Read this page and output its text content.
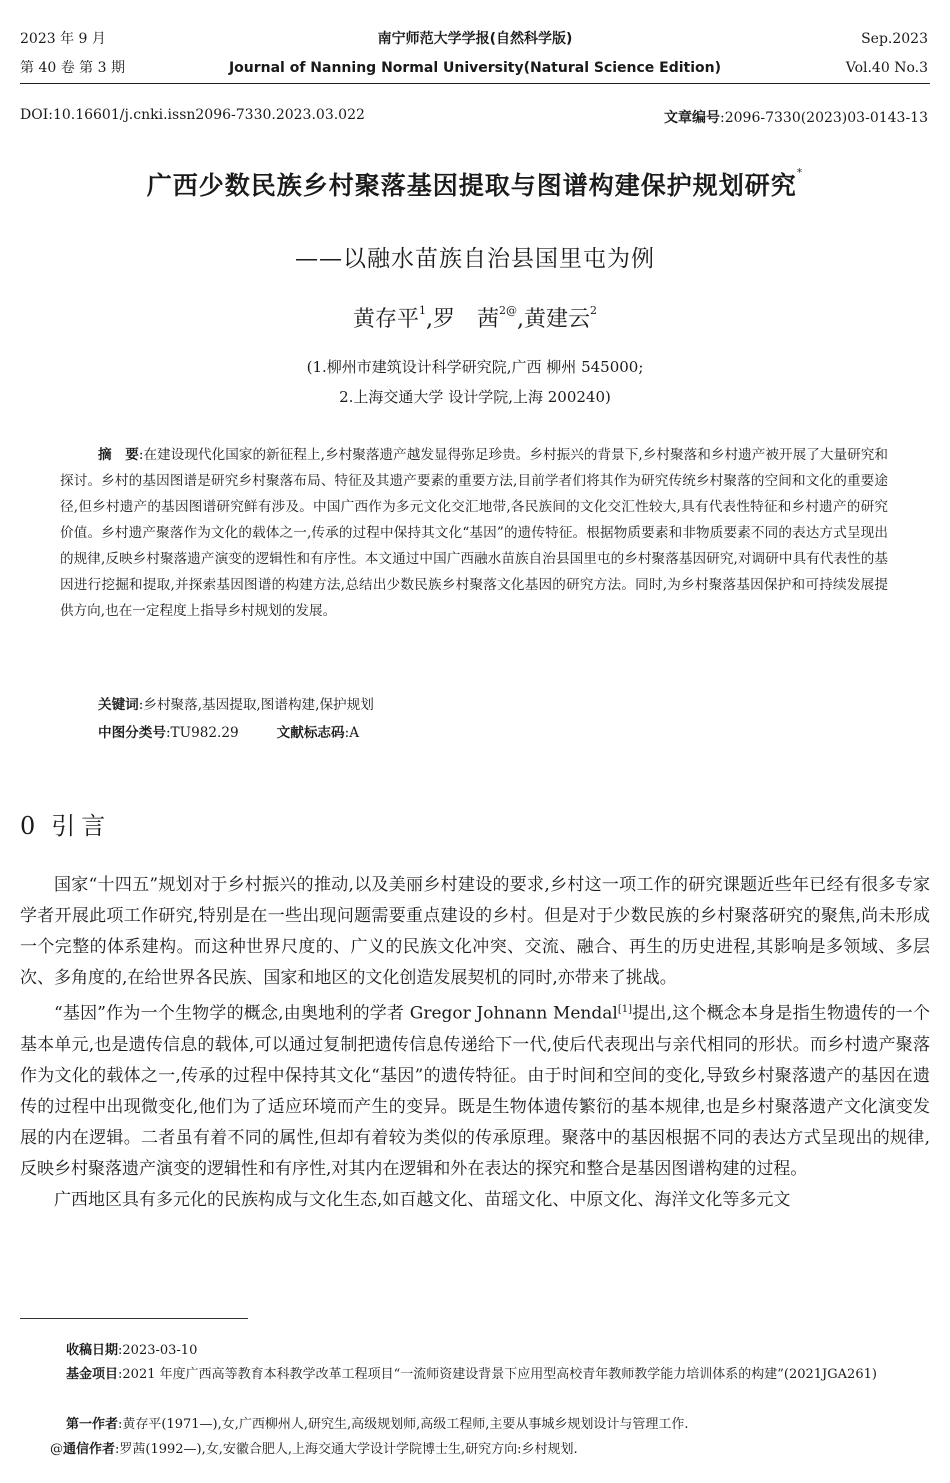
2023 年 9 月
第 40 卷 第 3 期
南宁师范大学学报(自然科学版)
Journal of Nanning Normal University(Natural Science Edition)
Sep.2023
Vol.40 No.3
DOI:10.16601/j.cnki.issn2096-7330.2023.03.022	文章编号:2096-7330(2023)03-0143-13
广西少数民族乡村聚落基因提取与图谱构建保护规划研究*
——以融水苗族自治县国里屯为例
黄存平$^1$,罗　茜$^{2@}$,黄建云$^2$
(1.柳州市建筑设计科学研究院,广西 柳州 545000;
2.上海交通大学 设计学院,上海 200240)
摘　要:在建设现代化国家的新征程上,乡村聚落遗产越发显得弥足珍贵。乡村振兴的背景下,乡村聚落和乡村遗产被开展了大量研究和探讨。乡村的基因图谱是研究乡村聚落布局、特征及其遗产要素的重要方法,目前学者们将其作为研究传统乡村聚落的空间和文化的重要途径,但乡村遗产的基因图谱研究鲜有涉及。中国广西作为多元文化交汇地带,各民族间的文化交汇性较大,具有代表性特征和乡村遗产的研究价值。乡村遗产聚落作为文化的载体之一,传承的过程中保持其文化“基因”的遗传特征。根据物质要素和非物质要素不同的表达方式呈现出的规律,反映乡村聚落遗产演变的逻辑性和有序性。本文通过中国广西融水苗族自治县国里屯的乡村聚落基因研究,对调研中具有代表性的基因进行挖掘和提取,并探索基因图谱的构建方法,总结出少数民族乡村聚落文化基因的研究方法。同时,为乡村聚落基因保护和可持续发展提供方向,也在一定程度上指导乡村规划的发展。
关键词:乡村聚落,基因提取,图谱构建,保护规划
中图分类号:TU982.29	文献标志码:A
0 引言

国家“十四五”规划对于乡村振兴的推动,以及美丽乡村建设的要求,乡村这一项工作的研究课题近些年已经有很多专家学者开展此项工作研究,特别是在一些出现问题需要重点建设的乡村。但是对于少数民族的乡村聚落研究的聚焦,尚未形成一个完整的体系建构。而这种世界尺度的、广义的民族文化冲突、交流、融合、再生的历史进程,其影响是多领域、多层次、多角度的,在给世界各民族、国家和地区的文化创造发展契机的同时,亦带来了挑战。

“基因”作为一个生物学的概念,由奥地利的学者 Gregor Johnann Mendal[1]提出,这个概念本身是指生物遗传的一个基本单元,也是遗传信息的载体,可以通过复制把遗传信息传递给下一代,使后代表现出与亲代相同的形状。而乡村遗产聚落作为文化的载体之一,传承的过程中保持其文化“基因”的遗传特征。由于时间和空间的变化,导致乡村聚落遗产的基因在遗传的过程中出现微变化,他们为了适应环境而产生的变异。既是生物体遗传繁衍的基本规律,也是乡村聚落遗产文化演变发展的内在逻辑。二者虽有着不同的属性,但却有着较为类似的传承原理。聚落中的基因根据不同的表达方式呈现出的规律,反映乡村聚落遗产演变的逻辑性和有序性,对其内在逻辑和外在表达的探究和整合是基因图谱构建的过程。

广西地区具有多元化的民族构成与文化生态,如百越文化、苗瑶文化、中原文化、海洋文化等多元文

收稿日期:2023-03-10
基金项目:2021 年度广西高等教育本科教学改革工程项目“一流师资建设背景下应用型高校青年教师教学能力培训体系的构建”(2021JGA261)
第一作者:黄存平(1971—),女,广西柳州人,研究生,高级规划师,高级工程师,主要从事城乡规划设计与管理工作.
@通信作者:罗茜(1992—),女,安徽合肥人,上海交通大学设计学院博士生,研究方向:乡村规划.
